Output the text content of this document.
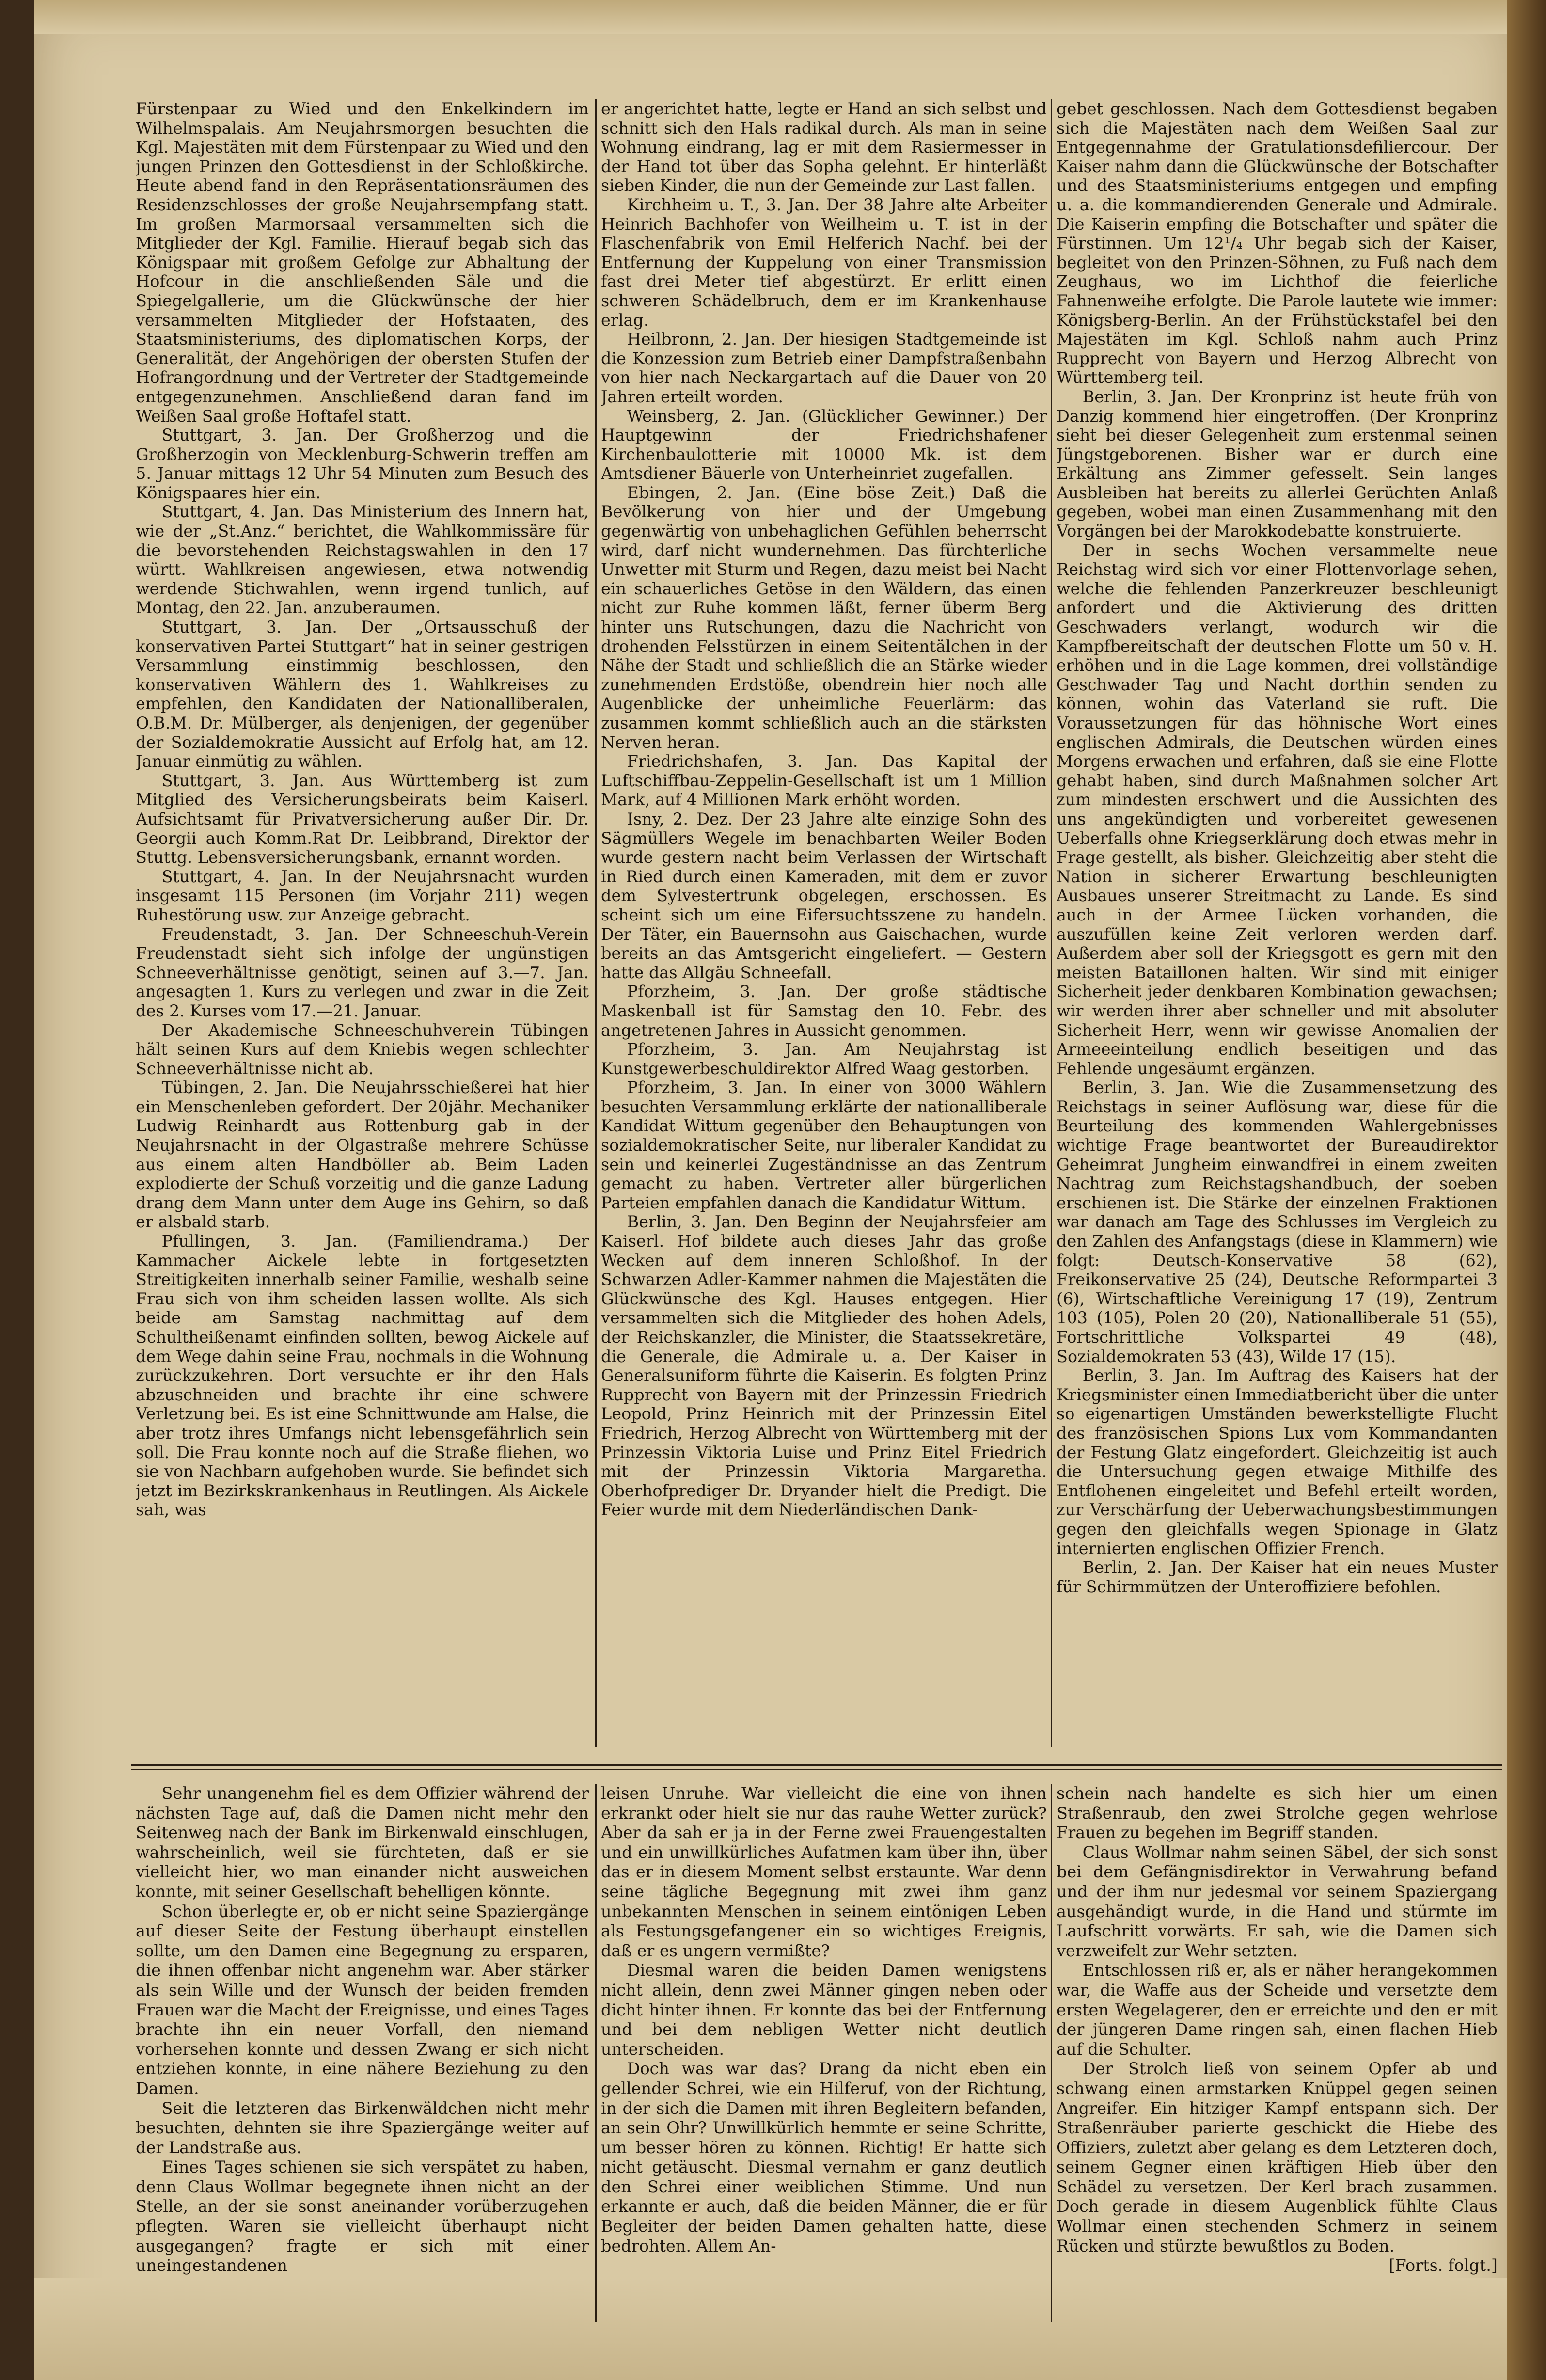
Fürstenpaar zu Wied und den Enkelkindern im Wilhelmspalais. Am Neujahrsmorgen besuchten die Kgl. Majestäten mit dem Fürstenpaar zu Wied und den jungen Prinzen den Gottesdienst in der Schloßkirche. Heute abend fand in den Repräsentationsräumen des Residenzschlosses der große Neujahrsempfang statt. Im großen Marmorsaal versammelten sich die Mitglieder der Kgl. Familie. Hierauf begab sich das Königspaar mit großem Gefolge zur Abhaltung der Hofcour in die anschließenden Säle und die Spiegelgallerie, um die Glückwünsche der hier versammelten Mitglieder der Hofstaaten, des Staatsministeriums, des diplomatischen Korps, der Generalität, der Angehörigen der obersten Stufen der Hofrangordnung und der Vertreter der Stadtgemeinde entgegenzunehmen. Anschließend daran fand im Weißen Saal große Hoftafel statt.

Stuttgart, 3. Jan. Der Großherzog und die Großherzogin von Mecklenburg-Schwerin treffen am 5. Januar mittags 12 Uhr 54 Minuten zum Besuch des Königspaares hier ein.

Stuttgart, 4. Jan. Das Ministerium des Innern hat, wie der „St.Anz.“ berichtet, die Wahlkommissäre für die bevorstehenden Reichstagswahlen in den 17 württ. Wahlkreisen angewiesen, etwa notwendig werdende Stichwahlen, wenn irgend tunlich, auf Montag, den 22. Jan. anzuberaumen.

Stuttgart, 3. Jan. Der „Ortsausschuß der konservativen Partei Stuttgart“ hat in seiner gestrigen Versammlung einstimmig beschlossen, den konservativen Wählern des 1. Wahlkreises zu empfehlen, den Kandidaten der Nationalliberalen, O.B.M. Dr. Mülberger, als denjenigen, der gegenüber der Sozialdemokratie Aussicht auf Erfolg hat, am 12. Januar einmütig zu wählen.

Stuttgart, 3. Jan. Aus Württemberg ist zum Mitglied des Versicherungsbeirats beim Kaiserl. Aufsichtsamt für Privatversicherung außer Dir. Dr. Georgii auch Komm.Rat Dr. Leibbrand, Direktor der Stuttg. Lebensversicherungsbank, ernannt worden.

Stuttgart, 4. Jan. In der Neujahrsnacht wurden insgesamt 115 Personen (im Vorjahr 211) wegen Ruhestörung usw. zur Anzeige gebracht.

Freudenstadt, 3. Jan. Der Schneeschuh-Verein Freudenstadt sieht sich infolge der ungünstigen Schneeverhältnisse genötigt, seinen auf 3.—7. Jan. angesagten 1. Kurs zu verlegen und zwar in die Zeit des 2. Kurses vom 17.—21. Januar.

Der Akademische Schneeschuhverein Tübingen hält seinen Kurs auf dem Kniebis wegen schlechter Schneeverhältnisse nicht ab.

Tübingen, 2. Jan. Die Neujahrsschießerei hat hier ein Menschenleben gefordert. Der 20jähr. Mechaniker Ludwig Reinhardt aus Rottenburg gab in der Neujahrsnacht in der Olgastraße mehrere Schüsse aus einem alten Handböller ab. Beim Laden explodierte der Schuß vorzeitig und die ganze Ladung drang dem Mann unter dem Auge ins Gehirn, so daß er alsbald starb.

Pfullingen, 3. Jan. (Familiendrama.) Der Kammacher Aickele lebte in fortgesetzten Streitigkeiten innerhalb seiner Familie, weshalb seine Frau sich von ihm scheiden lassen wollte. Als sich beide am Samstag nachmittag auf dem Schultheißenamt einfinden sollten, bewog Aickele auf dem Wege dahin seine Frau, nochmals in die Wohnung zurückzukehren. Dort versuchte er ihr den Hals abzuschneiden und brachte ihr eine schwere Verletzung bei. Es ist eine Schnittwunde am Halse, die aber trotz ihres Umfangs nicht lebensgefährlich sein soll. Die Frau konnte noch auf die Straße fliehen, wo sie von Nachbarn aufgehoben wurde. Sie befindet sich jetzt im Bezirkskrankenhaus in Reutlingen. Als Aickele sah, was

er angerichtet hatte, legte er Hand an sich selbst und schnitt sich den Hals radikal durch. Als man in seine Wohnung eindrang, lag er mit dem Rasiermesser in der Hand tot über das Sopha gelehnt. Er hinterläßt sieben Kinder, die nun der Gemeinde zur Last fallen.

Kirchheim u. T., 3. Jan. Der 38 Jahre alte Arbeiter Heinrich Bachhofer von Weilheim u. T. ist in der Flaschenfabrik von Emil Helferich Nachf. bei der Entfernung der Kuppelung von einer Transmission fast drei Meter tief abgestürzt. Er erlitt einen schweren Schädelbruch, dem er im Krankenhause erlag.

Heilbronn, 2. Jan. Der hiesigen Stadtgemeinde ist die Konzession zum Betrieb einer Dampfstraßenbahn von hier nach Neckargartach auf die Dauer von 20 Jahren erteilt worden.

Weinsberg, 2. Jan. (Glücklicher Gewinner.) Der Hauptgewinn der Friedrichshafener Kirchenbaulotterie mit 10000 Mk. ist dem Amtsdiener Bäuerle von Unterheinriet zugefallen.

Ebingen, 2. Jan. (Eine böse Zeit.) Daß die Bevölkerung von hier und der Umgebung gegenwärtig von unbehaglichen Gefühlen beherrscht wird, darf nicht wundernehmen. Das fürchterliche Unwetter mit Sturm und Regen, dazu meist bei Nacht ein schauerliches Getöse in den Wäldern, das einen nicht zur Ruhe kommen läßt, ferner überm Berg hinter uns Rutschungen, dazu die Nachricht von drohenden Felsstürzen in einem Seitentälchen in der Nähe der Stadt und schließlich die an Stärke wieder zunehmenden Erdstöße, obendrein hier noch alle Augenblicke der unheimliche Feuerlärm: das zusammen kommt schließlich auch an die stärksten Nerven heran.

Friedrichshafen, 3. Jan. Das Kapital der Luftschiffbau-Zeppelin-Gesellschaft ist um 1 Million Mark, auf 4 Millionen Mark erhöht worden.

Isny, 2. Dez. Der 23 Jahre alte einzige Sohn des Sägmüllers Wegele im benachbarten Weiler Boden wurde gestern nacht beim Verlassen der Wirtschaft in Ried durch einen Kameraden, mit dem er zuvor dem Sylvestertrunk obgelegen, erschossen. Es scheint sich um eine Eifersuchtsszene zu handeln. Der Täter, ein Bauernsohn aus Gaischachen, wurde bereits an das Amtsgericht eingeliefert. — Gestern hatte das Allgäu Schneefall.

Pforzheim, 3. Jan. Der große städtische Maskenball ist für Samstag den 10. Febr. des angetretenen Jahres in Aussicht genommen.

Pforzheim, 3. Jan. Am Neujahrstag ist Kunstgewerbeschuldirektor Alfred Waag gestorben.

Pforzheim, 3. Jan. In einer von 3000 Wählern besuchten Versammlung erklärte der nationalliberale Kandidat Wittum gegenüber den Behauptungen von sozialdemokratischer Seite, nur liberaler Kandidat zu sein und keinerlei Zugeständnisse an das Zentrum gemacht zu haben. Vertreter aller bürgerlichen Parteien empfahlen danach die Kandidatur Wittum.

Berlin, 3. Jan. Den Beginn der Neujahrsfeier am Kaiserl. Hof bildete auch dieses Jahr das große Wecken auf dem inneren Schloßhof. In der Schwarzen Adler-Kammer nahmen die Majestäten die Glückwünsche des Kgl. Hauses entgegen. Hier versammelten sich die Mitglieder des hohen Adels, der Reichskanzler, die Minister, die Staatssekretäre, die Generale, die Admirale u. a. Der Kaiser in Generalsuniform führte die Kaiserin. Es folgten Prinz Rupprecht von Bayern mit der Prinzessin Friedrich Leopold, Prinz Heinrich mit der Prinzessin Eitel Friedrich, Herzog Albrecht von Württemberg mit der Prinzessin Viktoria Luise und Prinz Eitel Friedrich mit der Prinzessin Viktoria Margaretha. Oberhofprediger Dr. Dryander hielt die Predigt. Die Feier wurde mit dem Niederländischen Dank-

gebet geschlossen. Nach dem Gottesdienst begaben sich die Majestäten nach dem Weißen Saal zur Entgegennahme der Gratulationsdefiliercour. Der Kaiser nahm dann die Glückwünsche der Botschafter und des Staatsministeriums entgegen und empfing u. a. die kommandierenden Generale und Admirale. Die Kaiserin empfing die Botschafter und später die Fürstinnen. Um 12¹/₄ Uhr begab sich der Kaiser, begleitet von den Prinzen-Söhnen, zu Fuß nach dem Zeughaus, wo im Lichthof die feierliche Fahnenweihe erfolgte. Die Parole lautete wie immer: Königsberg-Berlin. An der Frühstückstafel bei den Majestäten im Kgl. Schloß nahm auch Prinz Rupprecht von Bayern und Herzog Albrecht von Württemberg teil.

Berlin, 3. Jan. Der Kronprinz ist heute früh von Danzig kommend hier eingetroffen. (Der Kronprinz sieht bei dieser Gelegenheit zum erstenmal seinen Jüngstgeborenen. Bisher war er durch eine Erkältung ans Zimmer gefesselt. Sein langes Ausbleiben hat bereits zu allerlei Gerüchten Anlaß gegeben, wobei man einen Zusammenhang mit den Vorgängen bei der Marokkodebatte konstruierte.

Der in sechs Wochen versammelte neue Reichstag wird sich vor einer Flottenvorlage sehen, welche die fehlenden Panzerkreuzer beschleunigt anfordert und die Aktivierung des dritten Geschwaders verlangt, wodurch wir die Kampfbereitschaft der deutschen Flotte um 50 v. H. erhöhen und in die Lage kommen, drei vollständige Geschwader Tag und Nacht dorthin senden zu können, wohin das Vaterland sie ruft. Die Voraussetzungen für das höhnische Wort eines englischen Admirals, die Deutschen würden eines Morgens erwachen und erfahren, daß sie eine Flotte gehabt haben, sind durch Maßnahmen solcher Art zum mindesten erschwert und die Aussichten des uns angekündigten und vorbereitet gewesenen Ueberfalls ohne Kriegserklärung doch etwas mehr in Frage gestellt, als bisher. Gleichzeitig aber steht die Nation in sicherer Erwartung beschleunigten Ausbaues unserer Streitmacht zu Lande. Es sind auch in der Armee Lücken vorhanden, die auszufüllen keine Zeit verloren werden darf. Außerdem aber soll der Kriegsgott es gern mit den meisten Bataillonen halten. Wir sind mit einiger Sicherheit jeder denkbaren Kombination gewachsen; wir werden ihrer aber schneller und mit absoluter Sicherheit Herr, wenn wir gewisse Anomalien der Armeeeinteilung endlich beseitigen und das Fehlende ungesäumt ergänzen.

Berlin, 3. Jan. Wie die Zusammensetzung des Reichstags in seiner Auflösung war, diese für die Beurteilung des kommenden Wahlergebnisses wichtige Frage beantwortet der Bureaudirektor Geheimrat Jungheim einwandfrei in einem zweiten Nachtrag zum Reichstagshandbuch, der soeben erschienen ist. Die Stärke der einzelnen Fraktionen war danach am Tage des Schlusses im Vergleich zu den Zahlen des Anfangstags (diese in Klammern) wie folgt: Deutsch-Konservative 58 (62), Freikonservative 25 (24), Deutsche Reformpartei 3 (6), Wirtschaftliche Vereinigung 17 (19), Zentrum 103 (105), Polen 20 (20), Nationalliberale 51 (55), Fortschrittliche Volkspartei 49 (48), Sozialdemokraten 53 (43), Wilde 17 (15).

Berlin, 3. Jan. Im Auftrag des Kaisers hat der Kriegsminister einen Immediatbericht über die unter so eigenartigen Umständen bewerkstelligte Flucht des französischen Spions Lux vom Kommandanten der Festung Glatz eingefordert. Gleichzeitig ist auch die Untersuchung gegen etwaige Mithilfe des Entflohenen eingeleitet und Befehl erteilt worden, zur Verschärfung der Ueberwachungsbestimmungen gegen den gleichfalls wegen Spionage in Glatz internierten englischen Offizier French.

Berlin, 2. Jan. Der Kaiser hat ein neues Muster für Schirmmützen der Unteroffiziere befohlen.

Sehr unangenehm fiel es dem Offizier während der nächsten Tage auf, daß die Damen nicht mehr den Seitenweg nach der Bank im Birkenwald einschlugen, wahrscheinlich, weil sie fürchteten, daß er sie vielleicht hier, wo man einander nicht ausweichen konnte, mit seiner Gesellschaft behelligen könnte.

Schon überlegte er, ob er nicht seine Spaziergänge auf dieser Seite der Festung überhaupt einstellen sollte, um den Damen eine Begegnung zu ersparen, die ihnen offenbar nicht angenehm war. Aber stärker als sein Wille und der Wunsch der beiden fremden Frauen war die Macht der Ereignisse, und eines Tages brachte ihn ein neuer Vorfall, den niemand vorhersehen konnte und dessen Zwang er sich nicht entziehen konnte, in eine nähere Beziehung zu den Damen.

Seit die letzteren das Birkenwäldchen nicht mehr besuchten, dehnten sie ihre Spaziergänge weiter auf der Landstraße aus.

Eines Tages schienen sie sich verspätet zu haben, denn Claus Wollmar begegnete ihnen nicht an der Stelle, an der sie sonst aneinander vorüberzugehen pflegten. Waren sie vielleicht überhaupt nicht ausgegangen? fragte er sich mit einer uneingestandenen

leisen Unruhe. War vielleicht die eine von ihnen erkrankt oder hielt sie nur das rauhe Wetter zurück? Aber da sah er ja in der Ferne zwei Frauengestalten und ein unwillkürliches Aufatmen kam über ihn, über das er in diesem Moment selbst erstaunte. War denn seine tägliche Begegnung mit zwei ihm ganz unbekannten Menschen in seinem eintönigen Leben als Festungsgefangener ein so wichtiges Ereignis, daß er es ungern vermißte?

Diesmal waren die beiden Damen wenigstens nicht allein, denn zwei Männer gingen neben oder dicht hinter ihnen. Er konnte das bei der Entfernung und bei dem nebligen Wetter nicht deutlich unterscheiden.

Doch was war das? Drang da nicht eben ein gellender Schrei, wie ein Hilferuf, von der Richtung, in der sich die Damen mit ihren Begleitern befanden, an sein Ohr? Unwillkürlich hemmte er seine Schritte, um besser hören zu können. Richtig! Er hatte sich nicht getäuscht. Diesmal vernahm er ganz deutlich den Schrei einer weiblichen Stimme. Und nun erkannte er auch, daß die beiden Männer, die er für Begleiter der beiden Damen gehalten hatte, diese bedrohten. Allem An-

schein nach handelte es sich hier um einen Straßenraub, den zwei Strolche gegen wehrlose Frauen zu begehen im Begriff standen.

Claus Wollmar nahm seinen Säbel, der sich sonst bei dem Gefängnisdirektor in Verwahrung befand und der ihm nur jedesmal vor seinem Spaziergang ausgehändigt wurde, in die Hand und stürmte im Laufschritt vorwärts. Er sah, wie die Damen sich verzweifelt zur Wehr setzten.

Entschlossen riß er, als er näher herangekommen war, die Waffe aus der Scheide und versetzte dem ersten Wegelagerer, den er erreichte und den er mit der jüngeren Dame ringen sah, einen flachen Hieb auf die Schulter.

Der Strolch ließ von seinem Opfer ab und schwang einen armstarken Knüppel gegen seinen Angreifer. Ein hitziger Kampf entspann sich. Der Straßenräuber parierte geschickt die Hiebe des Offiziers, zuletzt aber gelang es dem Letzteren doch, seinem Gegner einen kräftigen Hieb über den Schädel zu versetzen. Der Kerl brach zusammen. Doch gerade in diesem Augenblick fühlte Claus Wollmar einen stechenden Schmerz in seinem Rücken und stürzte bewußtlos zu Boden.

[Forts. folgt.]
